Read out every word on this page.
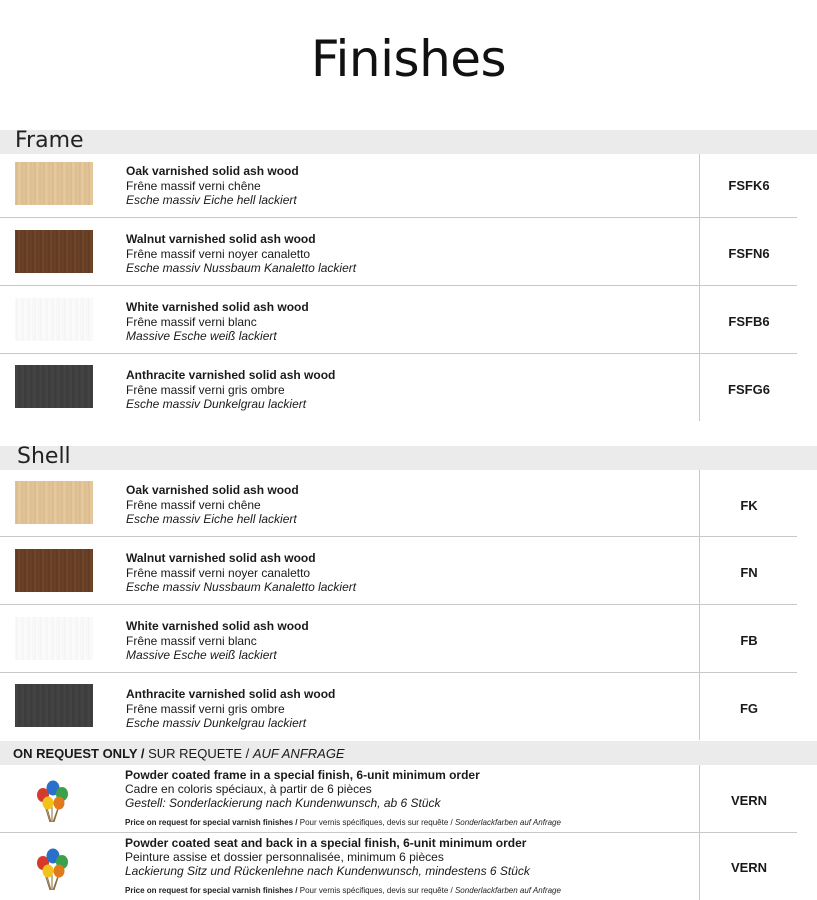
Finishes
Frame
Oak varnished solid ash wood
Frêne massif verni chêne
Esche massiv Eiche hell lackiert
FSFK6
Walnut varnished solid ash wood
Frêne massif verni noyer canaletto
Esche massiv Nussbaum Kanaletto lackiert
FSFN6
White varnished solid ash wood
Frêne massif verni blanc
Massive Esche weiß lackiert
FSFB6
Anthracite varnished solid ash wood
Frêne massif verni gris ombre
Esche massiv Dunkelgrau lackiert
FSFG6
Shell
Oak varnished solid ash wood
Frêne massif verni chêne
Esche massiv Eiche hell lackiert
FK
Walnut varnished solid ash wood
Frêne massif verni noyer canaletto
Esche massiv Nussbaum Kanaletto lackiert
FN
White varnished solid ash wood
Frêne massif verni blanc
Massive Esche weiß lackiert
FB
Anthracite varnished solid ash wood
Frêne massif verni gris ombre
Esche massiv Dunkelgrau lackiert
FG
ON REQUEST ONLY / SUR REQUETE / AUF ANFRAGE
Powder coated frame in a special finish, 6-unit minimum order
Cadre en coloris spéciaux, à partir de 6 pièces
Gestell: Sonderlackierung nach Kundenwunsch, ab 6 Stück
Price on request for special varnish finishes / Pour vernis spécifiques, devis sur requête / Sonderlackfarben auf Anfrage
VERN
Powder coated seat and back in a special finish, 6-unit minimum order
Peinture assise et dossier personnalisée, minimum 6 pièces
Lackierung Sitz und Rückenlehne nach Kundenwunsch, mindestens 6 Stück
Price on request for special varnish finishes / Pour vernis spécifiques, devis sur requête / Sonderlackfarben auf Anfrage
VERN
